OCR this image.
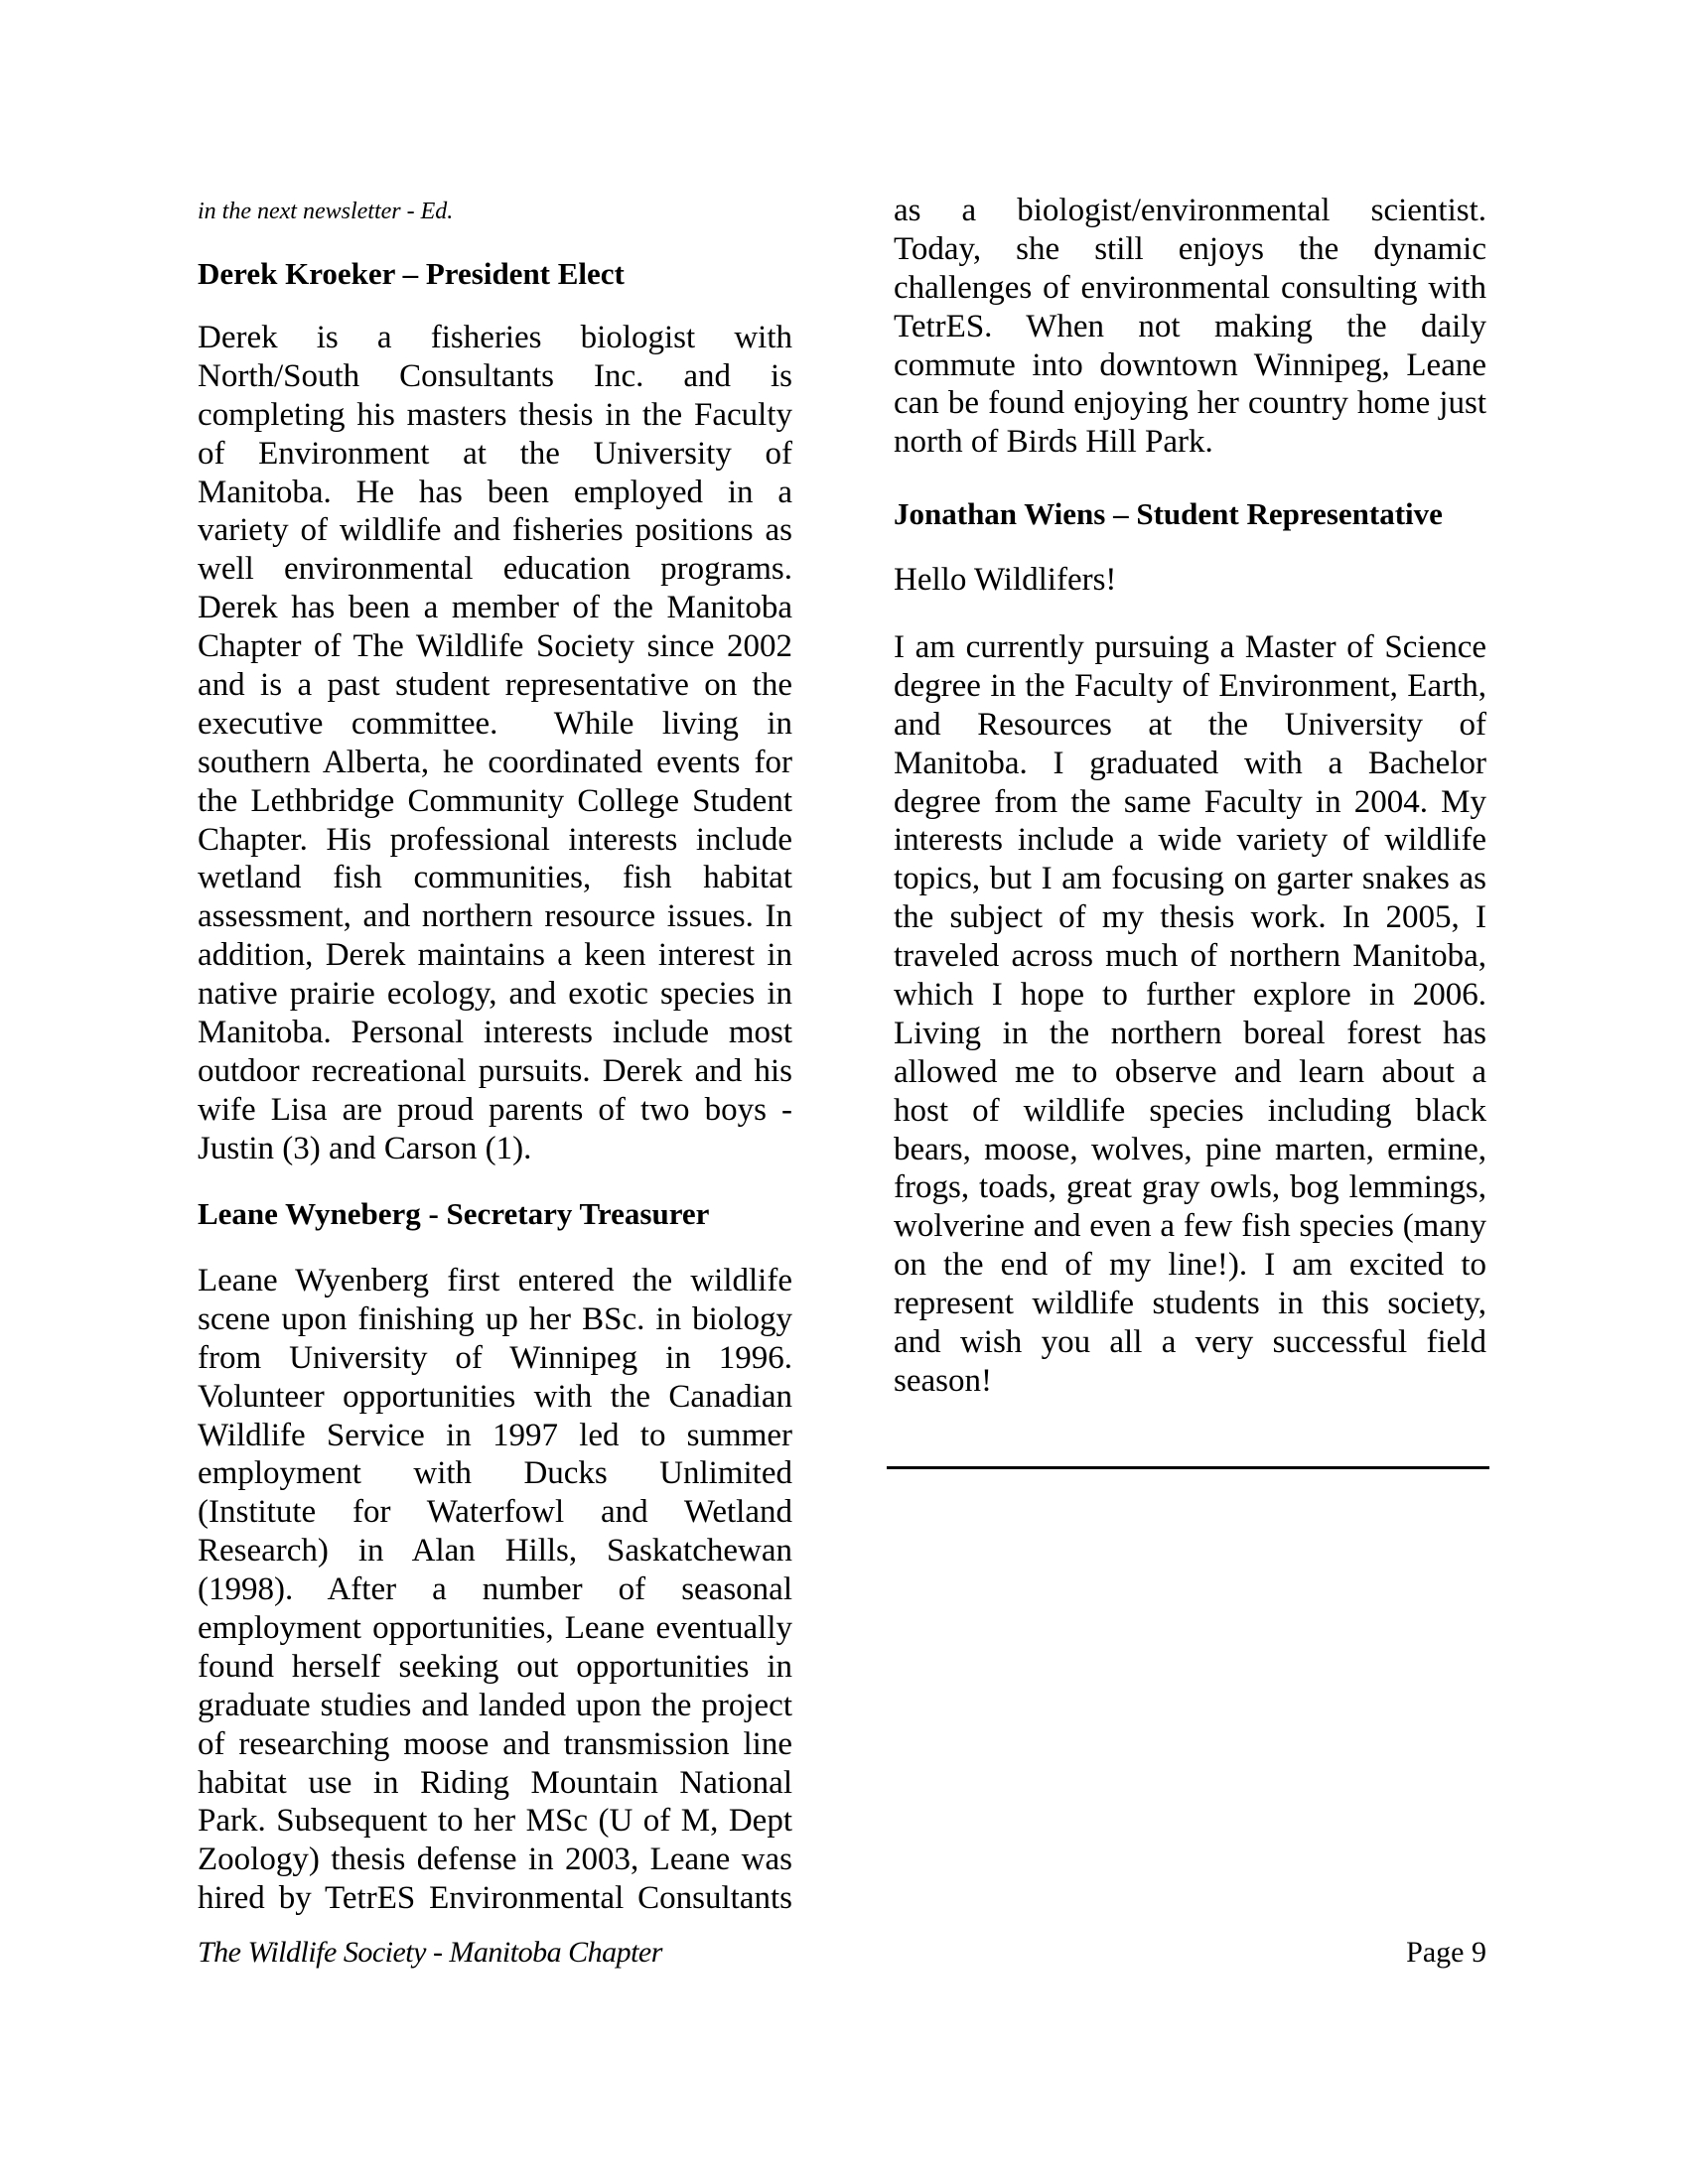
in the next newsletter - Ed.
Derek Kroeker – President Elect
Derek is a fisheries biologist with
North/South Consultants Inc. and is
completing his masters thesis in the Faculty
of Environment at the University of
Manitoba. He has been employed in a
variety of wildlife and fisheries positions as
well environmental education programs.
Derek has been a member of the Manitoba
Chapter of The Wildlife Society since 2002
and is a past student representative on the
executive committee.  While living in
southern Alberta, he coordinated events for
the Lethbridge Community College Student
Chapter. His professional interests include
wetland fish communities, fish habitat
assessment, and northern resource issues. In
addition, Derek maintains a keen interest in
native prairie ecology, and exotic species in
Manitoba. Personal interests include most
outdoor recreational pursuits. Derek and his
wife Lisa are proud parents of two boys -
Justin (3) and Carson (1).
Leane Wyneberg - Secretary Treasurer
Leane Wyenberg first entered the wildlife
scene upon finishing up her BSc. in biology
from University of Winnipeg in 1996.
Volunteer opportunities with the Canadian
Wildlife Service in 1997 led to summer
employment with Ducks Unlimited
(Institute for Waterfowl and Wetland
Research) in Alan Hills, Saskatchewan
(1998). After a number of seasonal
employment opportunities, Leane eventually
found herself seeking out opportunities in
graduate studies and landed upon the project
of researching moose and transmission line
habitat use in Riding Mountain National
Park. Subsequent to her MSc (U of M, Dept
Zoology) thesis defense in 2003, Leane was
hired by TetrES Environmental Consultants
as a biologist/environmental scientist.
Today, she still enjoys the dynamic
challenges of environmental consulting with
TetrES. When not making the daily
commute into downtown Winnipeg, Leane
can be found enjoying her country home just
north of Birds Hill Park.
Jonathan Wiens – Student Representative
Hello Wildlifers!
I am currently pursuing a Master of Science
degree in the Faculty of Environment, Earth,
and Resources at the University of
Manitoba. I graduated with a Bachelor
degree from the same Faculty in 2004. My
interests include a wide variety of wildlife
topics, but I am focusing on garter snakes as
the subject of my thesis work. In 2005, I
traveled across much of northern Manitoba,
which I hope to further explore in 2006.
Living in the northern boreal forest has
allowed me to observe and learn about a
host of wildlife species including black
bears, moose, wolves, pine marten, ermine,
frogs, toads, great gray owls, bog lemmings,
wolverine and even a few fish species (many
on the end of my line!). I am excited to
represent wildlife students in this society,
and wish you all a very successful field
season!
The Wildlife Society - Manitoba Chapter	Page 9
